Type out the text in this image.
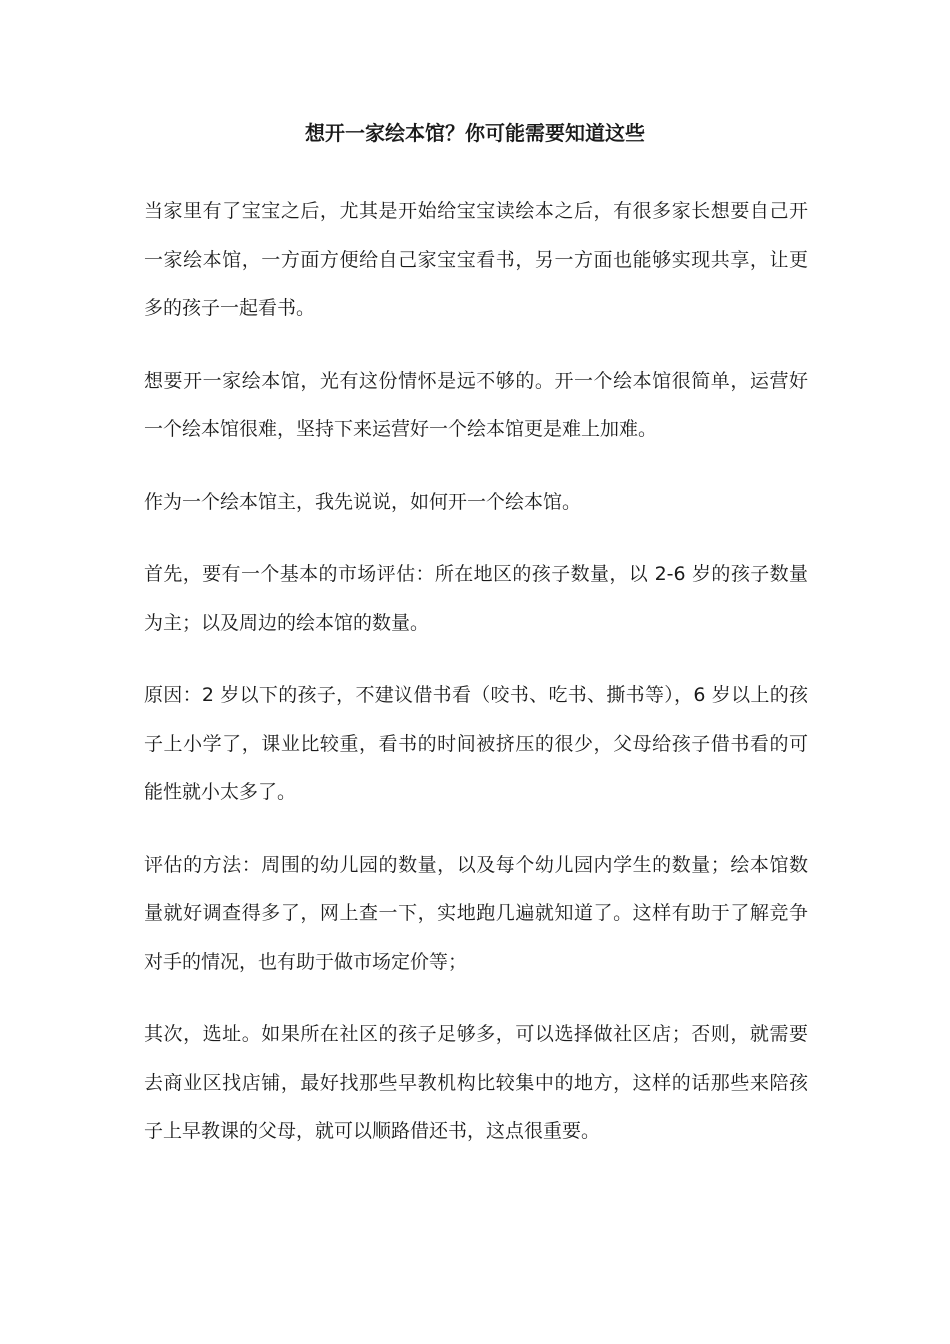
想开一家绘本馆？你可能需要知道这些

当家里有了宝宝之后，尤其是开始给宝宝读绘本之后，有很多家长想要自己开一家绘本馆，一方面方便给自己家宝宝看书，另一方面也能够实现共享，让更多的孩子一起看书。

想要开一家绘本馆，光有这份情怀是远不够的。开一个绘本馆很简单，运营好一个绘本馆很难，坚持下来运营好一个绘本馆更是难上加难。

作为一个绘本馆主，我先说说，如何开一个绘本馆。

首先，要有一个基本的市场评估：所在地区的孩子数量，以 2-6 岁的孩子数量为主；以及周边的绘本馆的数量。

原因：2 岁以下的孩子，不建议借书看（咬书、吃书、撕书等），6 岁以上的孩子上小学了，课业比较重，看书的时间被挤压的很少，父母给孩子借书看的可能性就小太多了。

评估的方法：周围的幼儿园的数量，以及每个幼儿园内学生的数量；绘本馆数量就好调查得多了，网上查一下，实地跑几遍就知道了。这样有助于了解竞争对手的情况，也有助于做市场定价等；

其次，选址。如果所在社区的孩子足够多，可以选择做社区店；否则，就需要去商业区找店铺，最好找那些早教机构比较集中的地方，这样的话那些来陪孩子上早教课的父母，就可以顺路借还书，这点很重要。
